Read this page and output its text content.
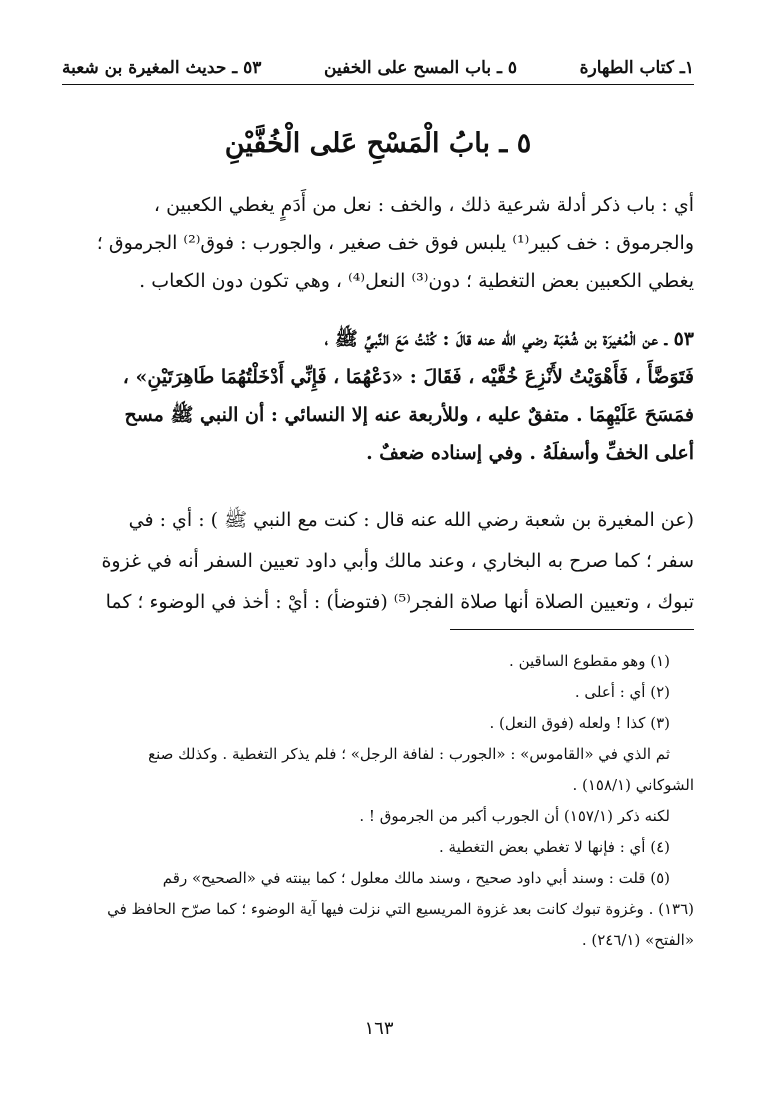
١ـ كتاب الطهارة
٥ ـ باب المسح على الخفين
٥٣ ـ حديث المغيرة بن شعبة
٥ ـ بابُ الْمَسْحِ عَلى الْخُفَّيْنِ

أي : باب ذكر أدلة شرعية ذلك ، والخف : نعل من أَدَمٍ يغطي الكعبين ،

والجرموق : خف كبير⁽¹⁾ يلبس فوق خف صغير ، والجورب : فوق⁽²⁾ الجرموق ؛

يغطي الكعبين بعض التغطية ؛ دون⁽³⁾ النعل⁽⁴⁾ ، وهي تكون دون الكعاب .

٥٣ ـ عن الْمُغيرَة بن شُعْبَة رضي الله عنه قالَ : كُنْتُ مَعَ النَّبيِّ ﷺ ،

فَتَوَضَّأَ ، فَأَهْوَيْتُ لأَنْزِعَ خُفَّيْه ، فَقَالَ : «دَعْهُمَا ، فَإِنِّي أَدْخَلْتُهُمَا طَاهِرَتَيْنِ» ،

فمَسَحَ عَلَيْهِمَا . متفقٌ عليه ، وللأربعة عنه إلا النسائي : أن النبي ﷺ مسح

أعلى الخفِّ وأسفلَهُ . وفي إسناده ضعفٌ .

(عن المغيرة بن شعبة رضي الله عنه قال : كنت مع النبي ﷺ ) : أي : في

سفر ؛ كما صرح به البخاري ، وعند مالك وأبي داود تعيين السفر أنه في غزوة

تبوك ، وتعيين الصلاة أنها صلاة الفجر⁽⁵⁾ (فتوضأ) : أيْ : أخذ في الوضوء ؛ كما

(١) وهو مقطوع الساقين .

(٢) أي : أعلى .

(٣) كذا ! ولعله (فوق النعل) .

ثم الذي في «القاموس» : «الجورب : لفافة الرجل» ؛ فلم يذكر التغطية . وكذلك صنع

الشوكاني (١٥٨/١) .

لكنه ذكر (١٥٧/١) أن الجورب أكبر من الجرموق ! .

(٤) أي : فإنها لا تغطي بعض التغطية .

(٥) قلت : وسند أبي داود صحيح ، وسند مالك معلول ؛ كما بينته في «الصحيح» رقم

(١٣٦) . وغزوة تبوك كانت بعد غزوة المريسيع التي نزلت فيها آية الوضوء ؛ كما صرّح الحافظ في

«الفتح» (٢٤٦/١) .

١٦٣
